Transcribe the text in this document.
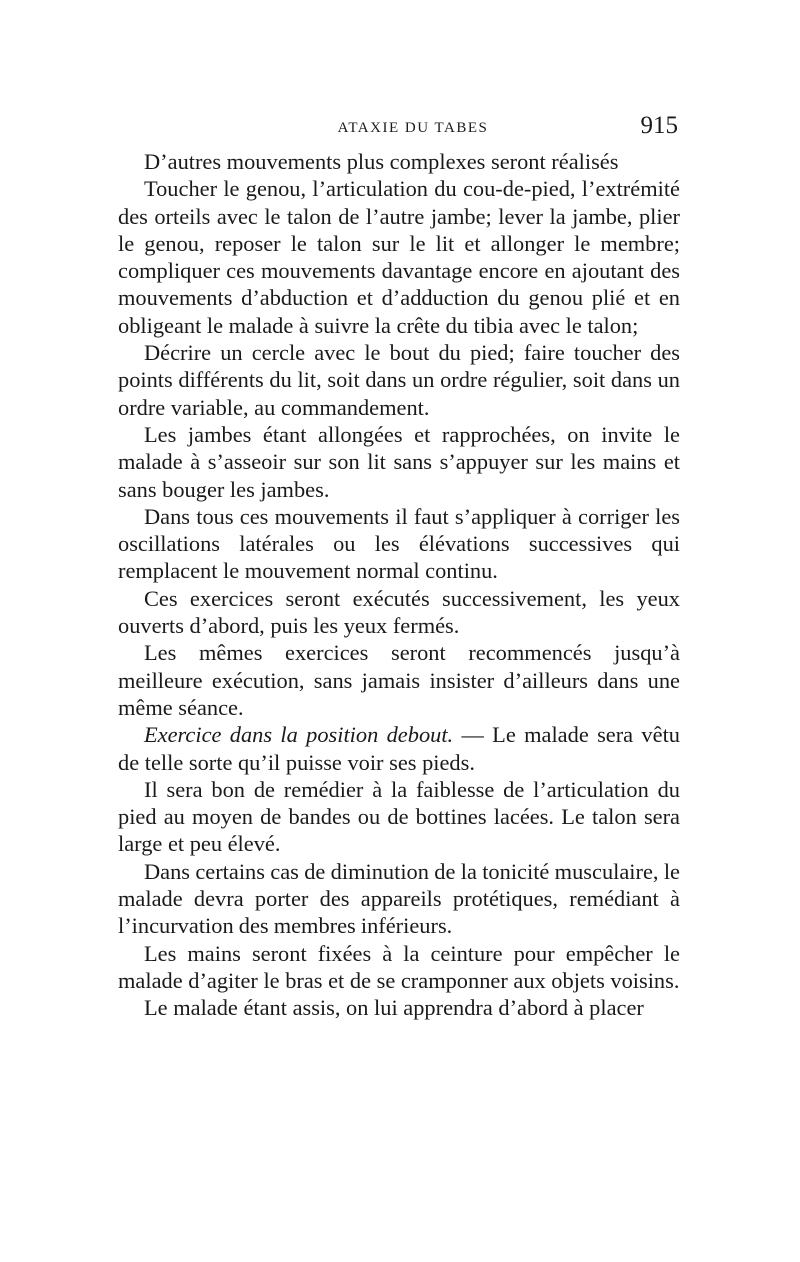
ATAXIE DU TABES	915

D’autres mouvements plus complexes seront réalisés

Toucher le genou, l’articulation du cou-de-pied, l’extrémité des orteils avec le talon de l’autre jambe; lever la jambe, plier le genou, reposer le talon sur le lit et allonger le membre; compliquer ces mouvements davantage encore en ajoutant des mouvements d’abduction et d’adduction du genou plié et en obligeant le malade à suivre la crête du tibia avec le talon;

Décrire un cercle avec le bout du pied; faire toucher des points différents du lit, soit dans un ordre régulier, soit dans un ordre variable, au commandement.

Les jambes étant allongées et rapprochées, on invite le malade à s’asseoir sur son lit sans s’appuyer sur les mains et sans bouger les jambes.

Dans tous ces mouvements il faut s’appliquer à corriger les oscillations latérales ou les élévations successives qui remplacent le mouvement normal continu.

Ces exercices seront exécutés successivement, les yeux ouverts d’abord, puis les yeux fermés.

Les mêmes exercices seront recommencés jusqu’à meilleure exécution, sans jamais insister d’ailleurs dans une même séance.

Exercice dans la position debout. — Le malade sera vêtu de telle sorte qu’il puisse voir ses pieds.

Il sera bon de remédier à la faiblesse de l’articulation du pied au moyen de bandes ou de bottines lacées. Le talon sera large et peu élevé.

Dans certains cas de diminution de la tonicité musculaire, le malade devra porter des appareils protétiques, remédiant à l’incurvation des membres inférieurs.

Les mains seront fixées à la ceinture pour empêcher le malade d’agiter le bras et de se cramponner aux objets voisins.

Le malade étant assis, on lui apprendra d’abord à placer
